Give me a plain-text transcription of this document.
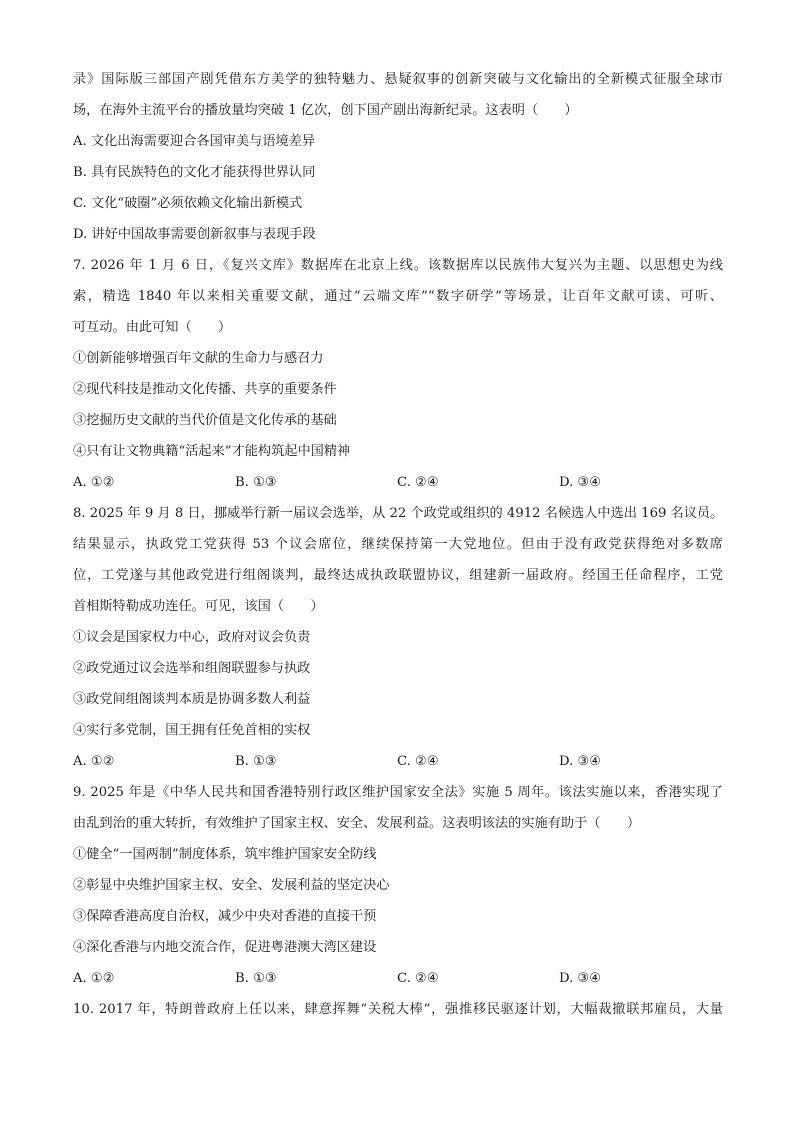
录》国际版三部国产剧凭借东方美学的独特魅力、悬疑叙事的创新突破与文化输出的全新模式征服全球市
场，在海外主流平台的播放量均突破 1 亿次，创下国产剧出海新纪录。这表明（　　）
A. 文化出海需要迎合各国审美与语境差异
B. 具有民族特色的文化才能获得世界认同
C. 文化“破圈”必须依赖文化输出新模式
D. 讲好中国故事需要创新叙事与表现手段
7. 2026 年 1 月 6 日，《复兴文库》数据库在北京上线。该数据库以民族伟大复兴为主题、以思想史为线
索，精选 1840 年以来相关重要文献，通过“云端文库”“数字研学”等场景，让百年文献可读、可听、
可互动。由此可知（　　）
①创新能够增强百年文献的生命力与感召力
②现代科技是推动文化传播、共享的重要条件
③挖掘历史文献的当代价值是文化传承的基础
④只有让文物典籍“活起来”才能构筑起中国精神
A. ①②	B. ①③	C. ②④	D. ③④
8. 2025 年 9 月 8 日，挪威举行新一届议会选举，从 22 个政党或组织的 4912 名候选人中选出 169 名议员。
结果显示，执政党工党获得 53 个议会席位，继续保持第一大党地位。但由于没有政党获得绝对多数席
位，工党遂与其他政党进行组阁谈判，最终达成执政联盟协议，组建新一届政府。经国王任命程序，工党
首相斯特勒成功连任。可见，该国（　　）
①议会是国家权力中心，政府对议会负责
②政党通过议会选举和组阁联盟参与执政
③政党间组阁谈判本质是协调多数人利益
④实行多党制，国王拥有任免首相的实权
A. ①②	B. ①③	C. ②④	D. ③④
9. 2025 年是《中华人民共和国香港特别行政区维护国家安全法》实施 5 周年。该法实施以来，香港实现了
由乱到治的重大转折，有效维护了国家主权、安全、发展利益。这表明该法的实施有助于（　　）
①健全“一国两制”制度体系，筑牢维护国家安全防线
②彰显中央维护国家主权、安全、发展利益的坚定决心
③保障香港高度自治权，减少中央对香港的直接干预
④深化香港与内地交流合作，促进粤港澳大湾区建设
A. ①②	B. ①③	C. ②④	D. ③④
10. 2017 年，特朗普政府上任以来，肆意挥舞“关税大棒”，强推移民驱逐计划，大幅裁撤联邦雇员，大量
